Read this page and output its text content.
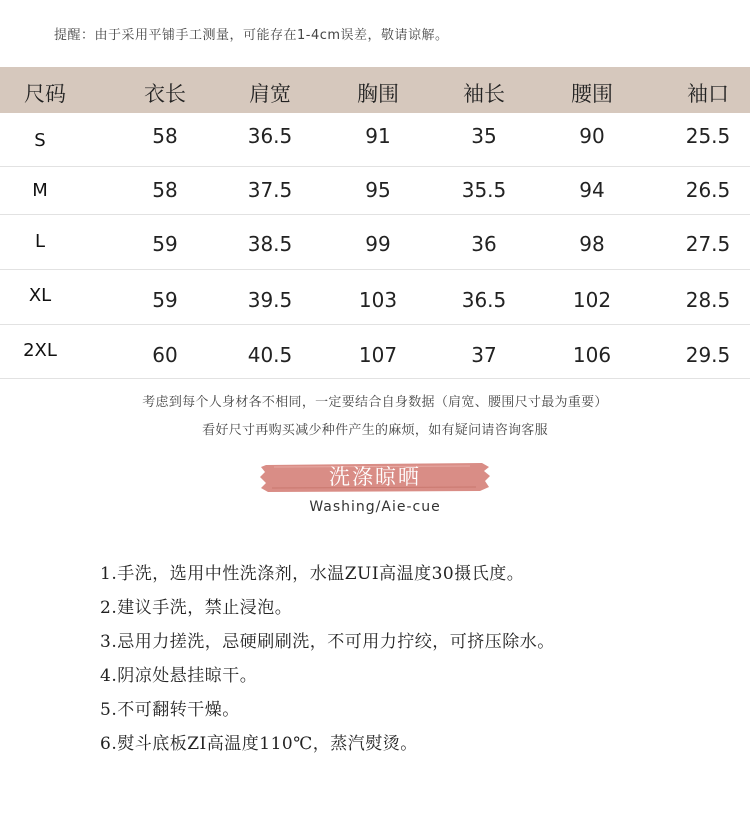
提醒：由于采用平铺手工测量，可能存在1-4cm误差，敬请谅解。
尺码	衣长	肩宽	胸围	袖长	腰围	袖口
S	58	36.5	91	35	90	25.5
M	58	37.5	95	35.5	94	26.5
L	59	38.5	99	36	98	27.5
XL	59	39.5	103	36.5	102	28.5
2XL	60	40.5	107	37	106	29.5
考虑到每个人身材各不相同，一定要结合自身数据（肩宽、腰围尺寸最为重要）
看好尺寸再购买减少种件产生的麻烦，如有疑问请咨询客服
洗涤晾晒
Washing/Aie-cue
1.手洗，选用中性洗涤剂，水温ZUI高温度30摄氏度。
2.建议手洗，禁止浸泡。
3.忌用力搓洗，忌硬刷刷洗，不可用力拧绞，可挤压除水。
4.阴凉处悬挂晾干。
5.不可翻转干燥。
6.熨斗底板ZI高温度110℃，蒸汽熨烫。
